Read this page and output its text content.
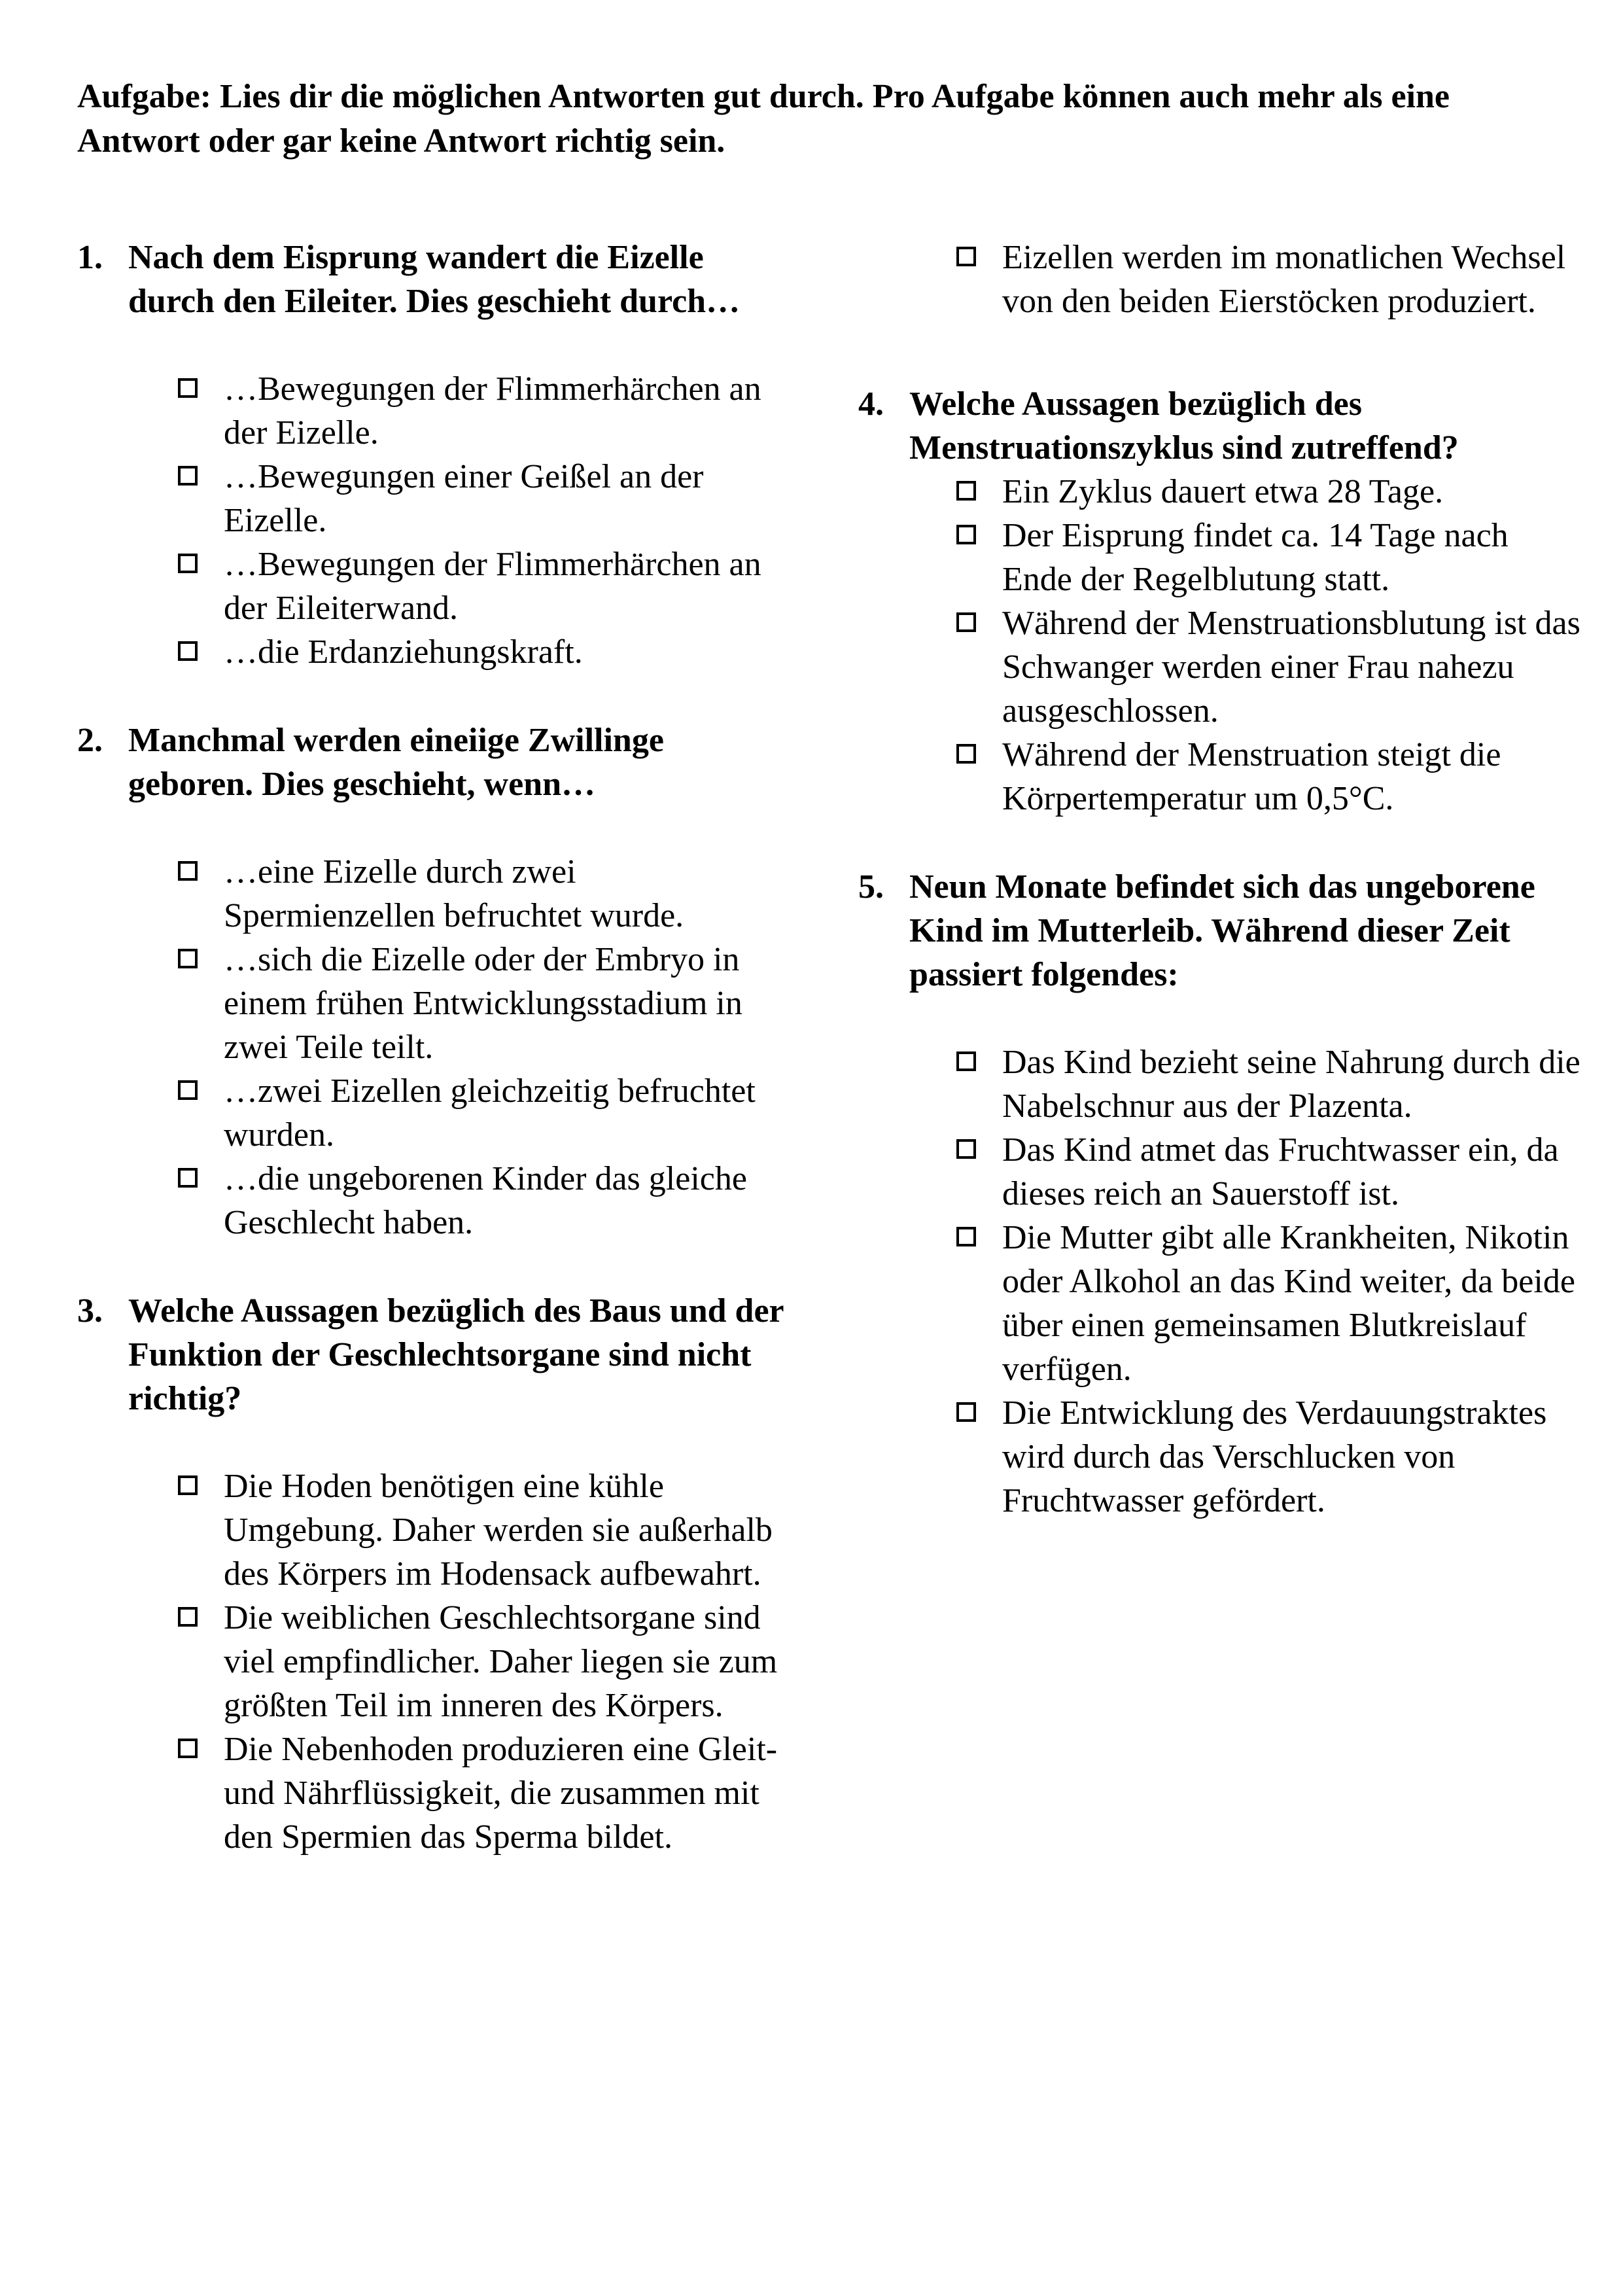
Aufgabe: Lies dir die möglichen Antworten gut durch. Pro Aufgabe können auch mehr als eine Antwort oder gar keine Antwort richtig sein.

1. Nach dem Eisprung wandert die Eizelle durch den Eileiter. Dies geschieht durch…
…Bewegungen der Flimmerhärchen an der Eizelle.
…Bewegungen einer Geißel an der Eizelle.
…Bewegungen der Flimmerhärchen an der Eileiterwand.
…die Erdanziehungskraft.
2. Manchmal werden eineiige Zwillinge geboren. Dies geschieht, wenn…
…eine Eizelle durch zwei Spermienzellen befruchtet wurde.
…sich die Eizelle oder der Embryo in einem frühen Entwicklungsstadium in zwei Teile teilt.
…zwei Eizellen gleichzeitig befruchtet wurden.
…die ungeborenen Kinder das gleiche Geschlecht haben.
3. Welche Aussagen bezüglich des Baus und der Funktion der Geschlechtsorgane sind nicht richtig?
Die Hoden benötigen eine kühle Umgebung. Daher werden sie außerhalb des Körpers im Hodensack aufbewahrt.
Die weiblichen Geschlechtsorgane sind viel empfindlicher. Daher liegen sie zum größten Teil im inneren des Körpers.
Die Nebenhoden produzieren eine Gleit- und Nährflüssigkeit, die zusammen mit den Spermien das Sperma bildet.
Eizellen werden im monatlichen Wechsel von den beiden Eierstöcken produziert.
4. Welche Aussagen bezüglich des Menstruationszyklus sind zutreffend?
Ein Zyklus dauert etwa 28 Tage.
Der Eisprung findet ca. 14 Tage nach Ende der Regelblutung statt.
Während der Menstruationsblutung ist das Schwanger werden einer Frau nahezu ausgeschlossen.
Während der Menstruation steigt die Körpertemperatur um 0,5°C.
5. Neun Monate befindet sich das ungeborene Kind im Mutterleib. Während dieser Zeit passiert folgendes:
Das Kind bezieht seine Nahrung durch die Nabelschnur aus der Plazenta.
Das Kind atmet das Fruchtwasser ein, da dieses reich an Sauerstoff ist.
Die Mutter gibt alle Krankheiten, Nikotin oder Alkohol an das Kind weiter, da beide über einen gemeinsamen Blutkreislauf verfügen.
Die Entwicklung des Verdauungstraktes wird durch das Verschlucken von Fruchtwasser gefördert.
